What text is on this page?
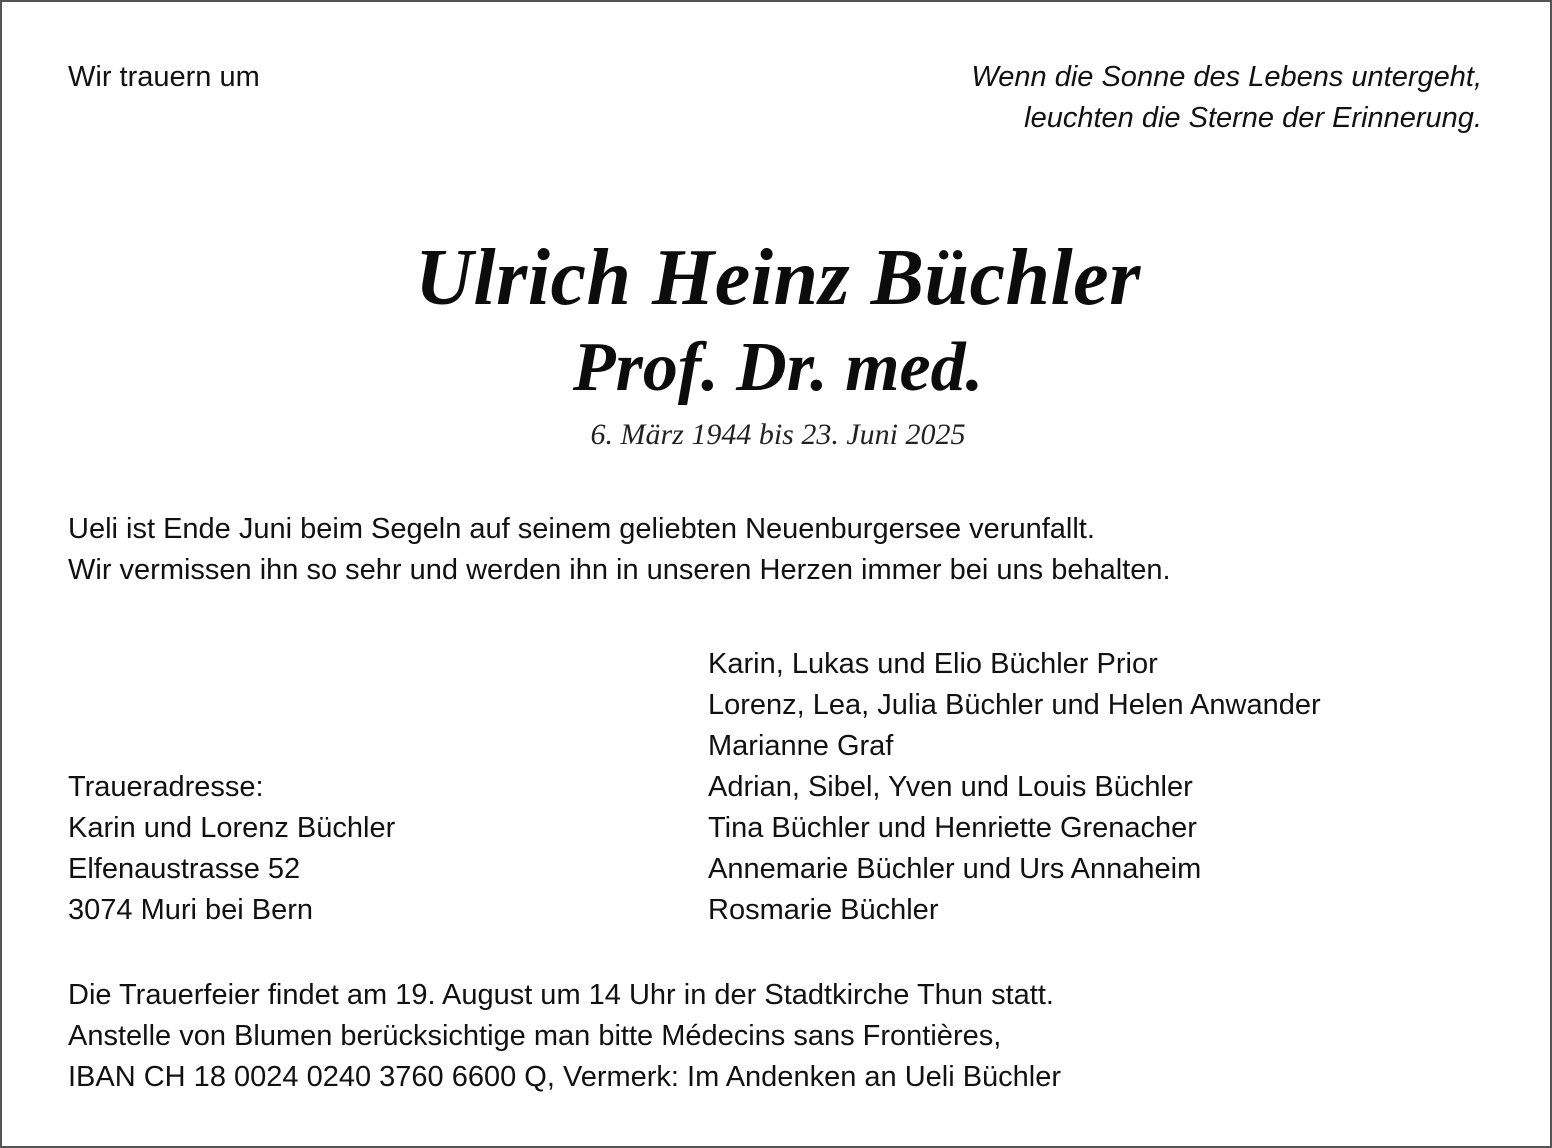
Wir trauern um	Wenn die Sonne des Lebens untergeht,
leuchten die Sterne der Erinnerung.
Ulrich Heinz Büchler
Prof. Dr. med.
6. März 1944 bis 23. Juni 2025
Ueli ist Ende Juni beim Segeln auf seinem geliebten Neuenburgersee verunfallt.
Wir vermissen ihn so sehr und werden ihn in unseren Herzen immer bei uns behalten.
Karin, Lukas und Elio Büchler Prior
Lorenz, Lea, Julia Büchler und Helen Anwander
Marianne Graf
Adrian, Sibel, Yven und Louis Büchler
Tina Büchler und Henriette Grenacher
Annemarie Büchler und Urs Annaheim
Rosmarie Büchler
Traueradresse:
Karin und Lorenz Büchler
Elfenaustrasse 52
3074 Muri bei Bern
Die Trauerfeier findet am 19. August um 14 Uhr in der Stadtkirche Thun statt.
Anstelle von Blumen berücksichtige man bitte Médecins sans Frontières,
IBAN CH 18 0024 0240 3760 6600 Q, Vermerk: Im Andenken an Ueli Büchler
